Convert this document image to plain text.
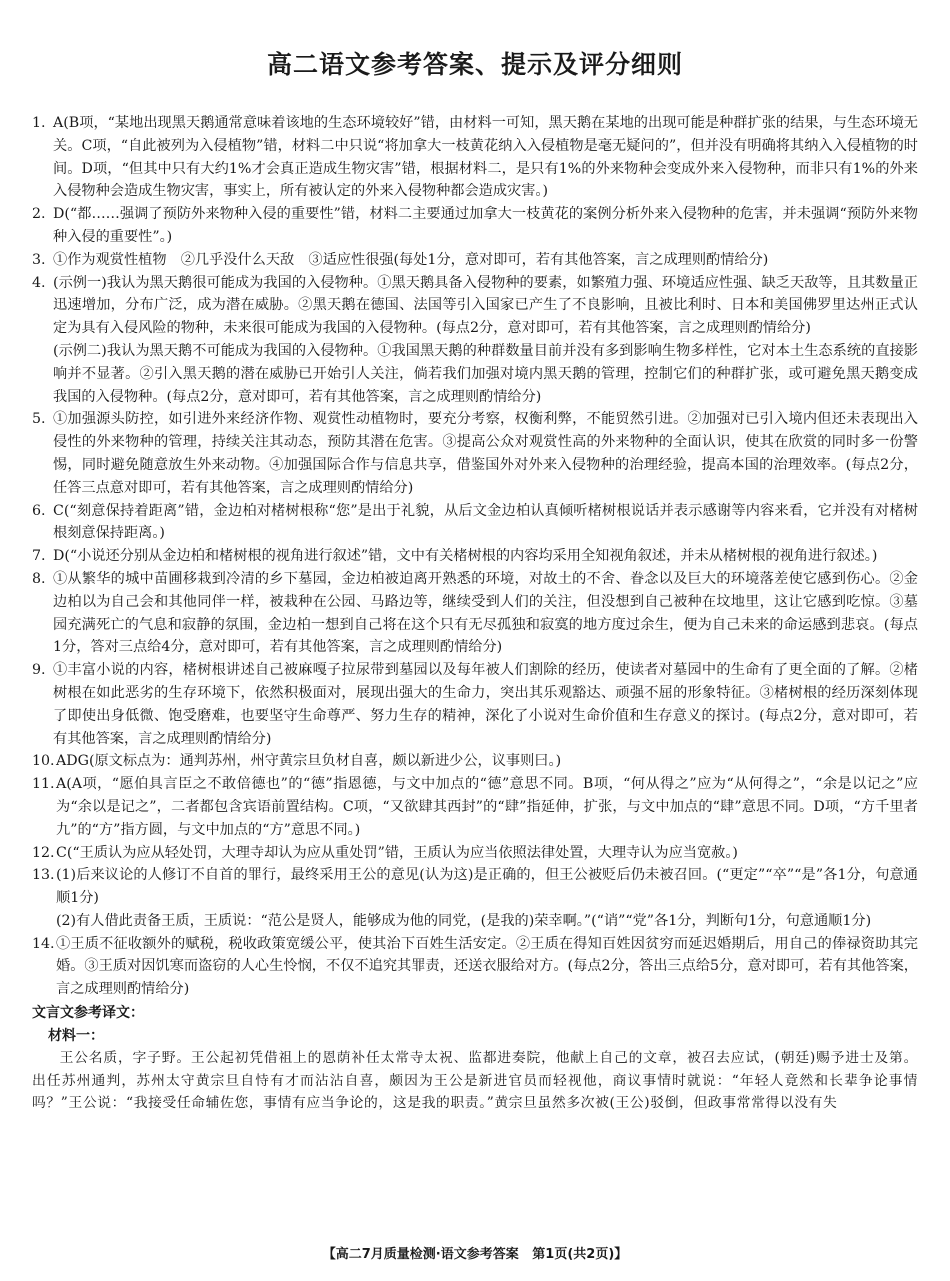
高二语文参考答案、提示及评分细则
1. A(B项，“某地出现黑天鹅通常意味着该地的生态环境较好”错，由材料一可知，黑天鹅在某地的出现可能是种群扩张的结果，与生态环境无关。C项，“自此被列为入侵植物”错，材料二中只说“将加拿大一枝黄花纳入入侵植物是毫无疑问的”，但并没有明确将其纳入入侵植物的时间。D项，“但其中只有大约1%才会真正造成生物灾害”错，根据材料二，是只有1%的外来物种会变成外来入侵物种，而非只有1%的外来入侵物种会造成生物灾害，事实上，所有被认定的外来入侵物种都会造成灾害。)
2. D(“都……强调了预防外来物种入侵的重要性”错，材料二主要通过加拿大一枝黄花的案例分析外来入侵物种的危害，并未强调“预防外来物种入侵的重要性”。)
3. ①作为观赏性植物　②几乎没什么天敌　③适应性很强(每处1分，意对即可，若有其他答案，言之成理则酌情给分)
4. (示例一)我认为黑天鹅很可能成为我国的入侵物种。①黑天鹅具备入侵物种的要素，如繁殖力强、环境适应性强、缺乏天敌等，且其数量正迅速增加，分布广泛，成为潜在威胁。②黑天鹅在德国、法国等引入国家已产生了不良影响，且被比利时、日本和美国佛罗里达州正式认定为具有入侵风险的物种，未来很可能成为我国的入侵物种。(每点2分，意对即可，若有其他答案，言之成理则酌情给分)
(示例二)我认为黑天鹅不可能成为我国的入侵物种。①我国黑天鹅的种群数量目前并没有多到影响生物多样性，它对本土生态系统的直接影响并不显著。②引入黑天鹅的潜在威胁已开始引人关注，倘若我们加强对境内黑天鹅的管理，控制它们的种群扩张，或可避免黑天鹅变成我国的入侵物种。(每点2分，意对即可，若有其他答案，言之成理则酌情给分)
5. ①加强源头防控，如引进外来经济作物、观赏性动植物时，要充分考察，权衡利弊，不能贸然引进。②加强对已引入境内但还未表现出入侵性的外来物种的管理，持续关注其动态，预防其潜在危害。③提高公众对观赏性高的外来物种的全面认识，使其在欣赏的同时多一份警惕，同时避免随意放生外来动物。④加强国际合作与信息共享，借鉴国外对外来入侵物种的治理经验，提高本国的治理效率。(每点2分，任答三点意对即可，若有其他答案，言之成理则酌情给分)
6. C(“刻意保持着距离”错，金边柏对楮树根称“您”是出于礼貌，从后文金边柏认真倾听楮树根说话并表示感谢等内容来看，它并没有对楮树根刻意保持距离。)
7. D(“小说还分别从金边柏和楮树根的视角进行叙述”错，文中有关楮树根的内容均采用全知视角叙述，并未从楮树根的视角进行叙述。)
8. ①从繁华的城中苗圃移栽到冷清的乡下墓园，金边柏被迫离开熟悉的环境，对故土的不舍、眷念以及巨大的环境落差使它感到伤心。②金边柏以为自己会和其他同伴一样，被栽种在公园、马路边等，继续受到人们的关注，但没想到自己被种在坟地里，这让它感到吃惊。③墓园充满死亡的气息和寂静的氛围，金边柏一想到自己将在这个只有无尽孤独和寂寞的地方度过余生，便为自己未来的命运感到悲哀。(每点1分，答对三点给4分，意对即可，若有其他答案，言之成理则酌情给分)
9. ①丰富小说的内容，楮树根讲述自己被麻嘎子拉尿带到墓园以及每年被人们割除的经历，使读者对墓园中的生命有了更全面的了解。②楮树根在如此恶劣的生存环境下，依然积极面对，展现出强大的生命力，突出其乐观豁达、顽强不屈的形象特征。③楮树根的经历深刻体现了即使出身低微、饱受磨难，也要坚守生命尊严、努力生存的精神，深化了小说对生命价值和生存意义的探讨。(每点2分，意对即可，若有其他答案，言之成理则酌情给分)
10. ADG(原文标点为：通判苏州，州守黄宗旦负材自喜，颇以新进少公，议事则曰。)
11. A(A项，“愿伯具言臣之不敢倍德也”的“德”指恩德，与文中加点的“德”意思不同。B项，“何从得之”应为“从何得之”，“余是以记之”应为“余以是记之”，二者都包含宾语前置结构。C项，“又欲肆其西封”的“肆”指延伸，扩张，与文中加点的“肆”意思不同。D项，“方千里者九”的“方”指方圆，与文中加点的“方”意思不同。)
12. C(“王质认为应从轻处罚，大理寺却认为应从重处罚”错，王质认为应当依照法律处置，大理寺认为应当宽赦。)
13. (1)后来议论的人修订不自首的罪行，最终采用王公的意见(认为这)是正确的，但王公被贬后仍未被召回。(“更定”“卒”“是”各1分，句意通顺1分)
(2)有人借此责备王质，王质说：“范公是贤人，能够成为他的同党，(是我的)荣幸啊。”(“诮”“党”各1分，判断句1分，句意通顺1分)
14. ①王质不征收额外的赋税，税收政策宽缓公平，使其治下百姓生活安定。②王质在得知百姓因贫穷而延迟婚期后，用自己的俸禄资助其完婚。③王质对因饥寒而盗窃的人心生怜悯，不仅不追究其罪责，还送衣服给对方。(每点2分，答出三点给5分，意对即可，若有其他答案，言之成理则酌情给分)
文言文参考译文：
材料一：

王公名质，字子野。王公起初凭借祖上的恩荫补任太常寺太祝、监都进奏院，他献上自己的文章，被召去应试，(朝廷)赐予进士及第。出任苏州通判，苏州太守黄宗旦自恃有才而沾沾自喜，颇因为王公是新进官员而轻视他，商议事情时就说：“年轻人竟然和长辈争论事情吗？”王公说：“我接受任命辅佐您，事情有应当争论的，这是我的职责。”黄宗旦虽然多次被(王公)驳倒，但政事常常得以没有失

【高二7月质量检测·语文参考答案 第1页(共2页)】
